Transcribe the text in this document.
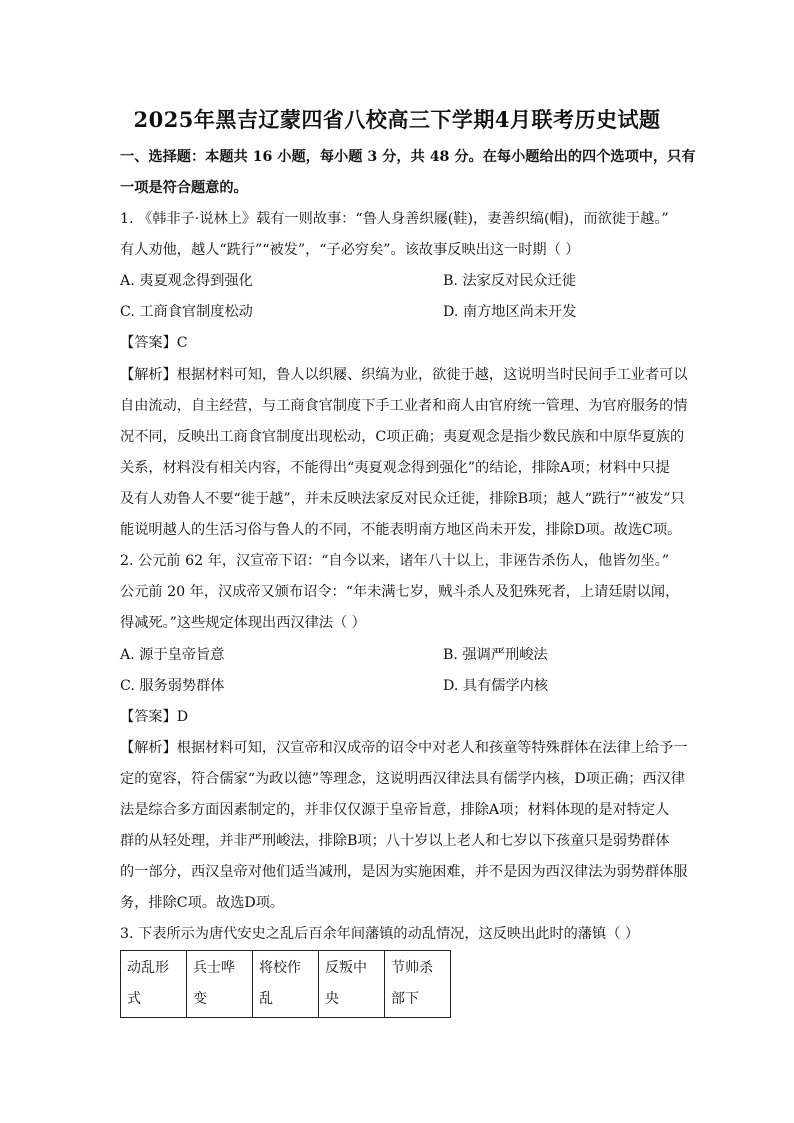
2025年黑吉辽蒙四省八校高三下学期4月联考历史试题
一、选择题：本题共 16 小题，每小题 3 分，共 48 分。在每小题给出的四个选项中，只有
一项是符合题意的。
1. 《韩非子·说林上》载有一则故事：“鲁人身善织屦(鞋)，妻善织缟(帽)，而欲徙于越。”
有人劝他，越人“跣行”“被发”，“子必穷矣”。该故事反映出这一时期（ ）
A. 夷夏观念得到强化	B. 法家反对民众迁徙
C. 工商食官制度松动	D. 南方地区尚未开发
【答案】C
【解析】根据材料可知，鲁人以织屦、织缟为业，欲徙于越，这说明当时民间手工业者可以
自由流动，自主经营，与工商食官制度下手工业者和商人由官府统一管理、为官府服务的情
况不同，反映出工商食官制度出现松动，C项正确；夷夏观念是指少数民族和中原华夏族的
关系，材料没有相关内容，不能得出“夷夏观念得到强化”的结论，排除A项；材料中只提
及有人劝鲁人不要“徙于越”，并未反映法家反对民众迁徙，排除B项；越人“跣行”“被发”只
能说明越人的生活习俗与鲁人的不同，不能表明南方地区尚未开发，排除D项。故选C项。
2. 公元前 62 年，汉宣帝下诏：“自今以来，诸年八十以上，非诬告杀伤人，他皆勿坐。”
公元前 20 年，汉成帝又颁布诏令：“年未满七岁，贼斗杀人及犯殊死者，上请廷尉以闻，
得减死。”这些规定体现出西汉律法（ ）
A. 源于皇帝旨意	B. 强调严刑峻法
C. 服务弱势群体	D. 具有儒学内核
【答案】D
【解析】根据材料可知，汉宣帝和汉成帝的诏令中对老人和孩童等特殊群体在法律上给予一
定的宽容，符合儒家“为政以德”等理念，这说明西汉律法具有儒学内核，D项正确；西汉律
法是综合多方面因素制定的，并非仅仅源于皇帝旨意，排除A项；材料体现的是对特定人
群的从轻处理，并非严刑峻法，排除B项；八十岁以上老人和七岁以下孩童只是弱势群体
的一部分，西汉皇帝对他们适当减刑，是因为实施困难，并不是因为西汉律法为弱势群体服
务，排除C项。故选D项。
3. 下表所示为唐代安史之乱后百余年间藩镇的动乱情况，这反映出此时的藩镇（ ）
动乱形式	兵士哗变	将校作乱	反叛中央	节帅杀部下
